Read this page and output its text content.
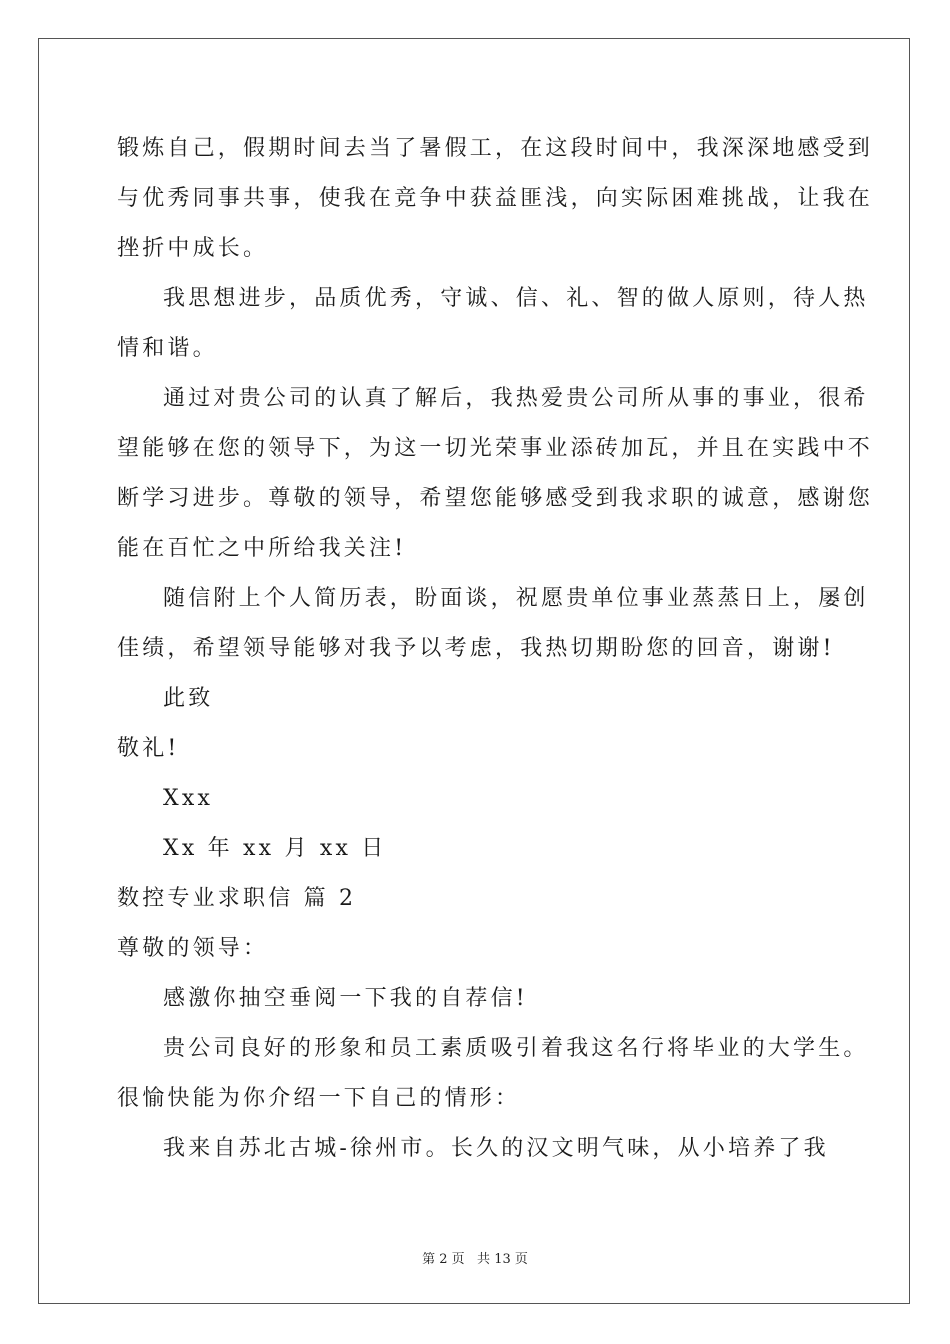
锻炼自己，假期时间去当了暑假工，在这段时间中，我深深地感受到
与优秀同事共事，使我在竞争中获益匪浅，向实际困难挑战，让我在
挫折中成长。
我思想进步，品质优秀，守诚、信、礼、智的做人原则，待人热
情和谐。
通过对贵公司的认真了解后，我热爱贵公司所从事的事业，很希
望能够在您的领导下，为这一切光荣事业添砖加瓦，并且在实践中不
断学习进步。尊敬的领导，希望您能够感受到我求职的诚意，感谢您
能在百忙之中所给我关注!
随信附上个人简历表，盼面谈，祝愿贵单位事业蒸蒸日上，屡创
佳绩，希望领导能够对我予以考虑，我热切期盼您的回音，谢谢!
此致
敬礼!
Xxx
Xx 年 xx 月 xx 日
数控专业求职信 篇 2
尊敬的领导：
感激你抽空垂阅一下我的自荐信!
贵公司良好的形象和员工素质吸引着我这名行将毕业的大学生。
很愉快能为你介绍一下自己的情形：
我来自苏北古城-徐州市。长久的汉文明气味，从小培养了我
第 2 页   共 13 页
